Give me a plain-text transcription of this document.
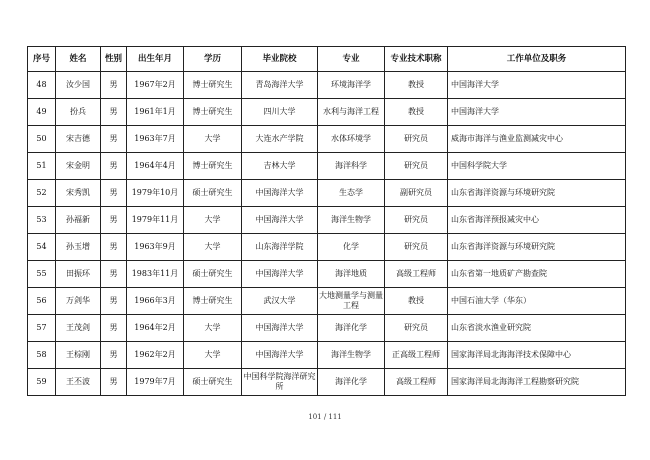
序号	姓名	性别	出生年月	学历	毕业院校	专业	专业技术职称	工作单位及职务
48	汝少国	男	1967年2月	博士研究生	青岛海洋大学	环境海洋学	教授	中国海洋大学
49	扮兵	男	1961年1月	博士研究生	四川大学	水利与海洋工程	教授	中国海洋大学
50	宋吉德	男	1963年7月	大学	大连水产学院	水体环境学	研究员	威海市海洋与渔业监测减灾中心
51	宋金明	男	1964年4月	博士研究生	吉林大学	海洋科学	研究员	中国科学院大学
52	宋秀凯	男	1979年10月	硕士研究生	中国海洋大学	生态学	副研究员	山东省海洋资源与环境研究院
53	孙福新	男	1979年11月	大学	中国海洋大学	海洋生物学	研究员	山东省海洋预报减灾中心
54	孙玉增	男	1963年9月	大学	山东海洋学院	化学	研究员	山东省海洋资源与环境研究院
55	田振环	男	1983年11月	硕士研究生	中国海洋大学	海洋地质	高级工程师	山东省第一地质矿产勘查院
56	万剑华	男	1966年3月	博士研究生	武汉大学	大地测量学与测量工程	教授	中国石油大学（华东）
57	王茂剑	男	1964年2月	大学	中国海洋大学	海洋化学	研究员	山东省淡水渔业研究院
58	王棕刚	男	1962年2月	大学	中国海洋大学	海洋生物学	正高级工程师	国家海洋局北海海洋技术保障中心
59	王丕波	男	1979年7月	硕士研究生	中国科学院海洋研究所	海洋化学	高级工程师	国家海洋局北海海洋工程勘察研究院
101 / 111
